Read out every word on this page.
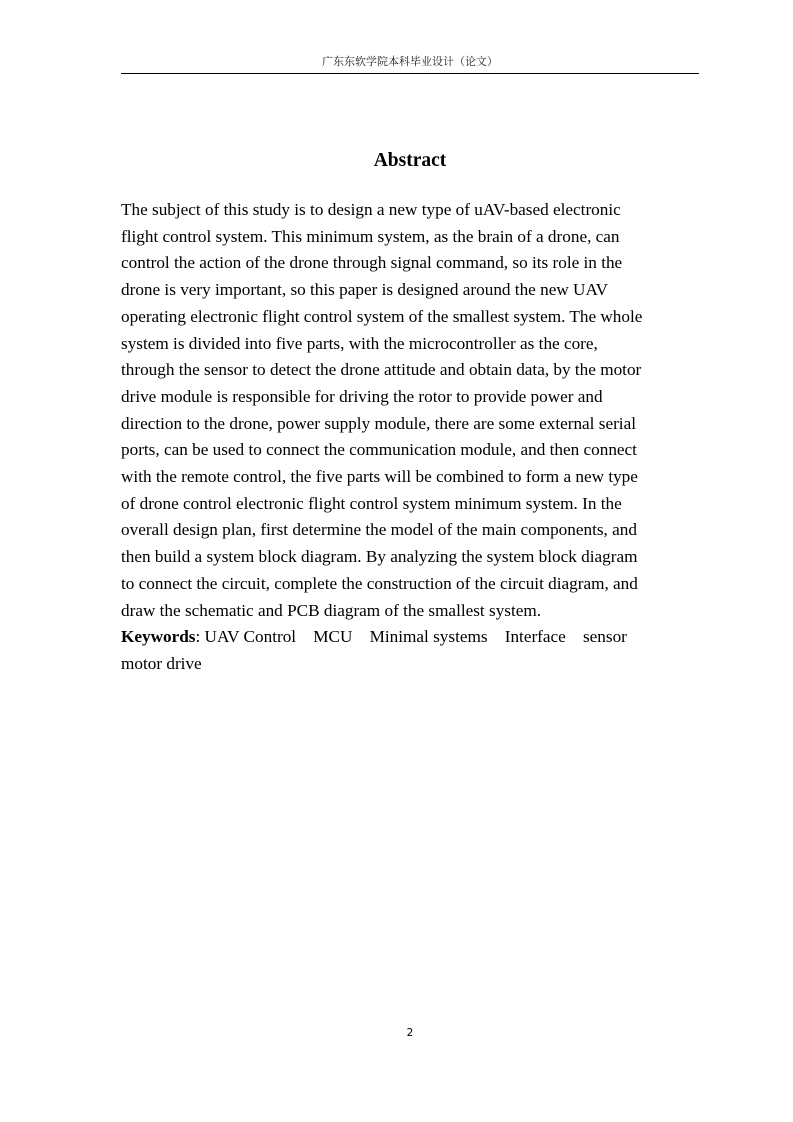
广东东软学院本科毕业设计（论文）
Abstract
The subject of this study is to design a new type of uAV-based electronic
flight control system. This minimum system, as the brain of a drone, can
control the action of the drone through signal command, so its role in the
drone is very important, so this paper is designed around the new UAV
operating electronic flight control system of the smallest system. The whole
system is divided into five parts, with the microcontroller as the core,
through the sensor to detect the drone attitude and obtain data, by the motor
drive module is responsible for driving the rotor to provide power and
direction to the drone, power supply module, there are some external serial
ports, can be used to connect the communication module, and then connect
with the remote control, the five parts will be combined to form a new type
of drone control electronic flight control system minimum system. In the
overall design plan, first determine the model of the main components, and
then build a system block diagram. By analyzing the system block diagram
to connect the circuit, complete the construction of the circuit diagram, and
draw the schematic and PCB diagram of the smallest system.
Keywords: UAV Control    MCU    Minimal systems    Interface    sensor
motor drive
2
